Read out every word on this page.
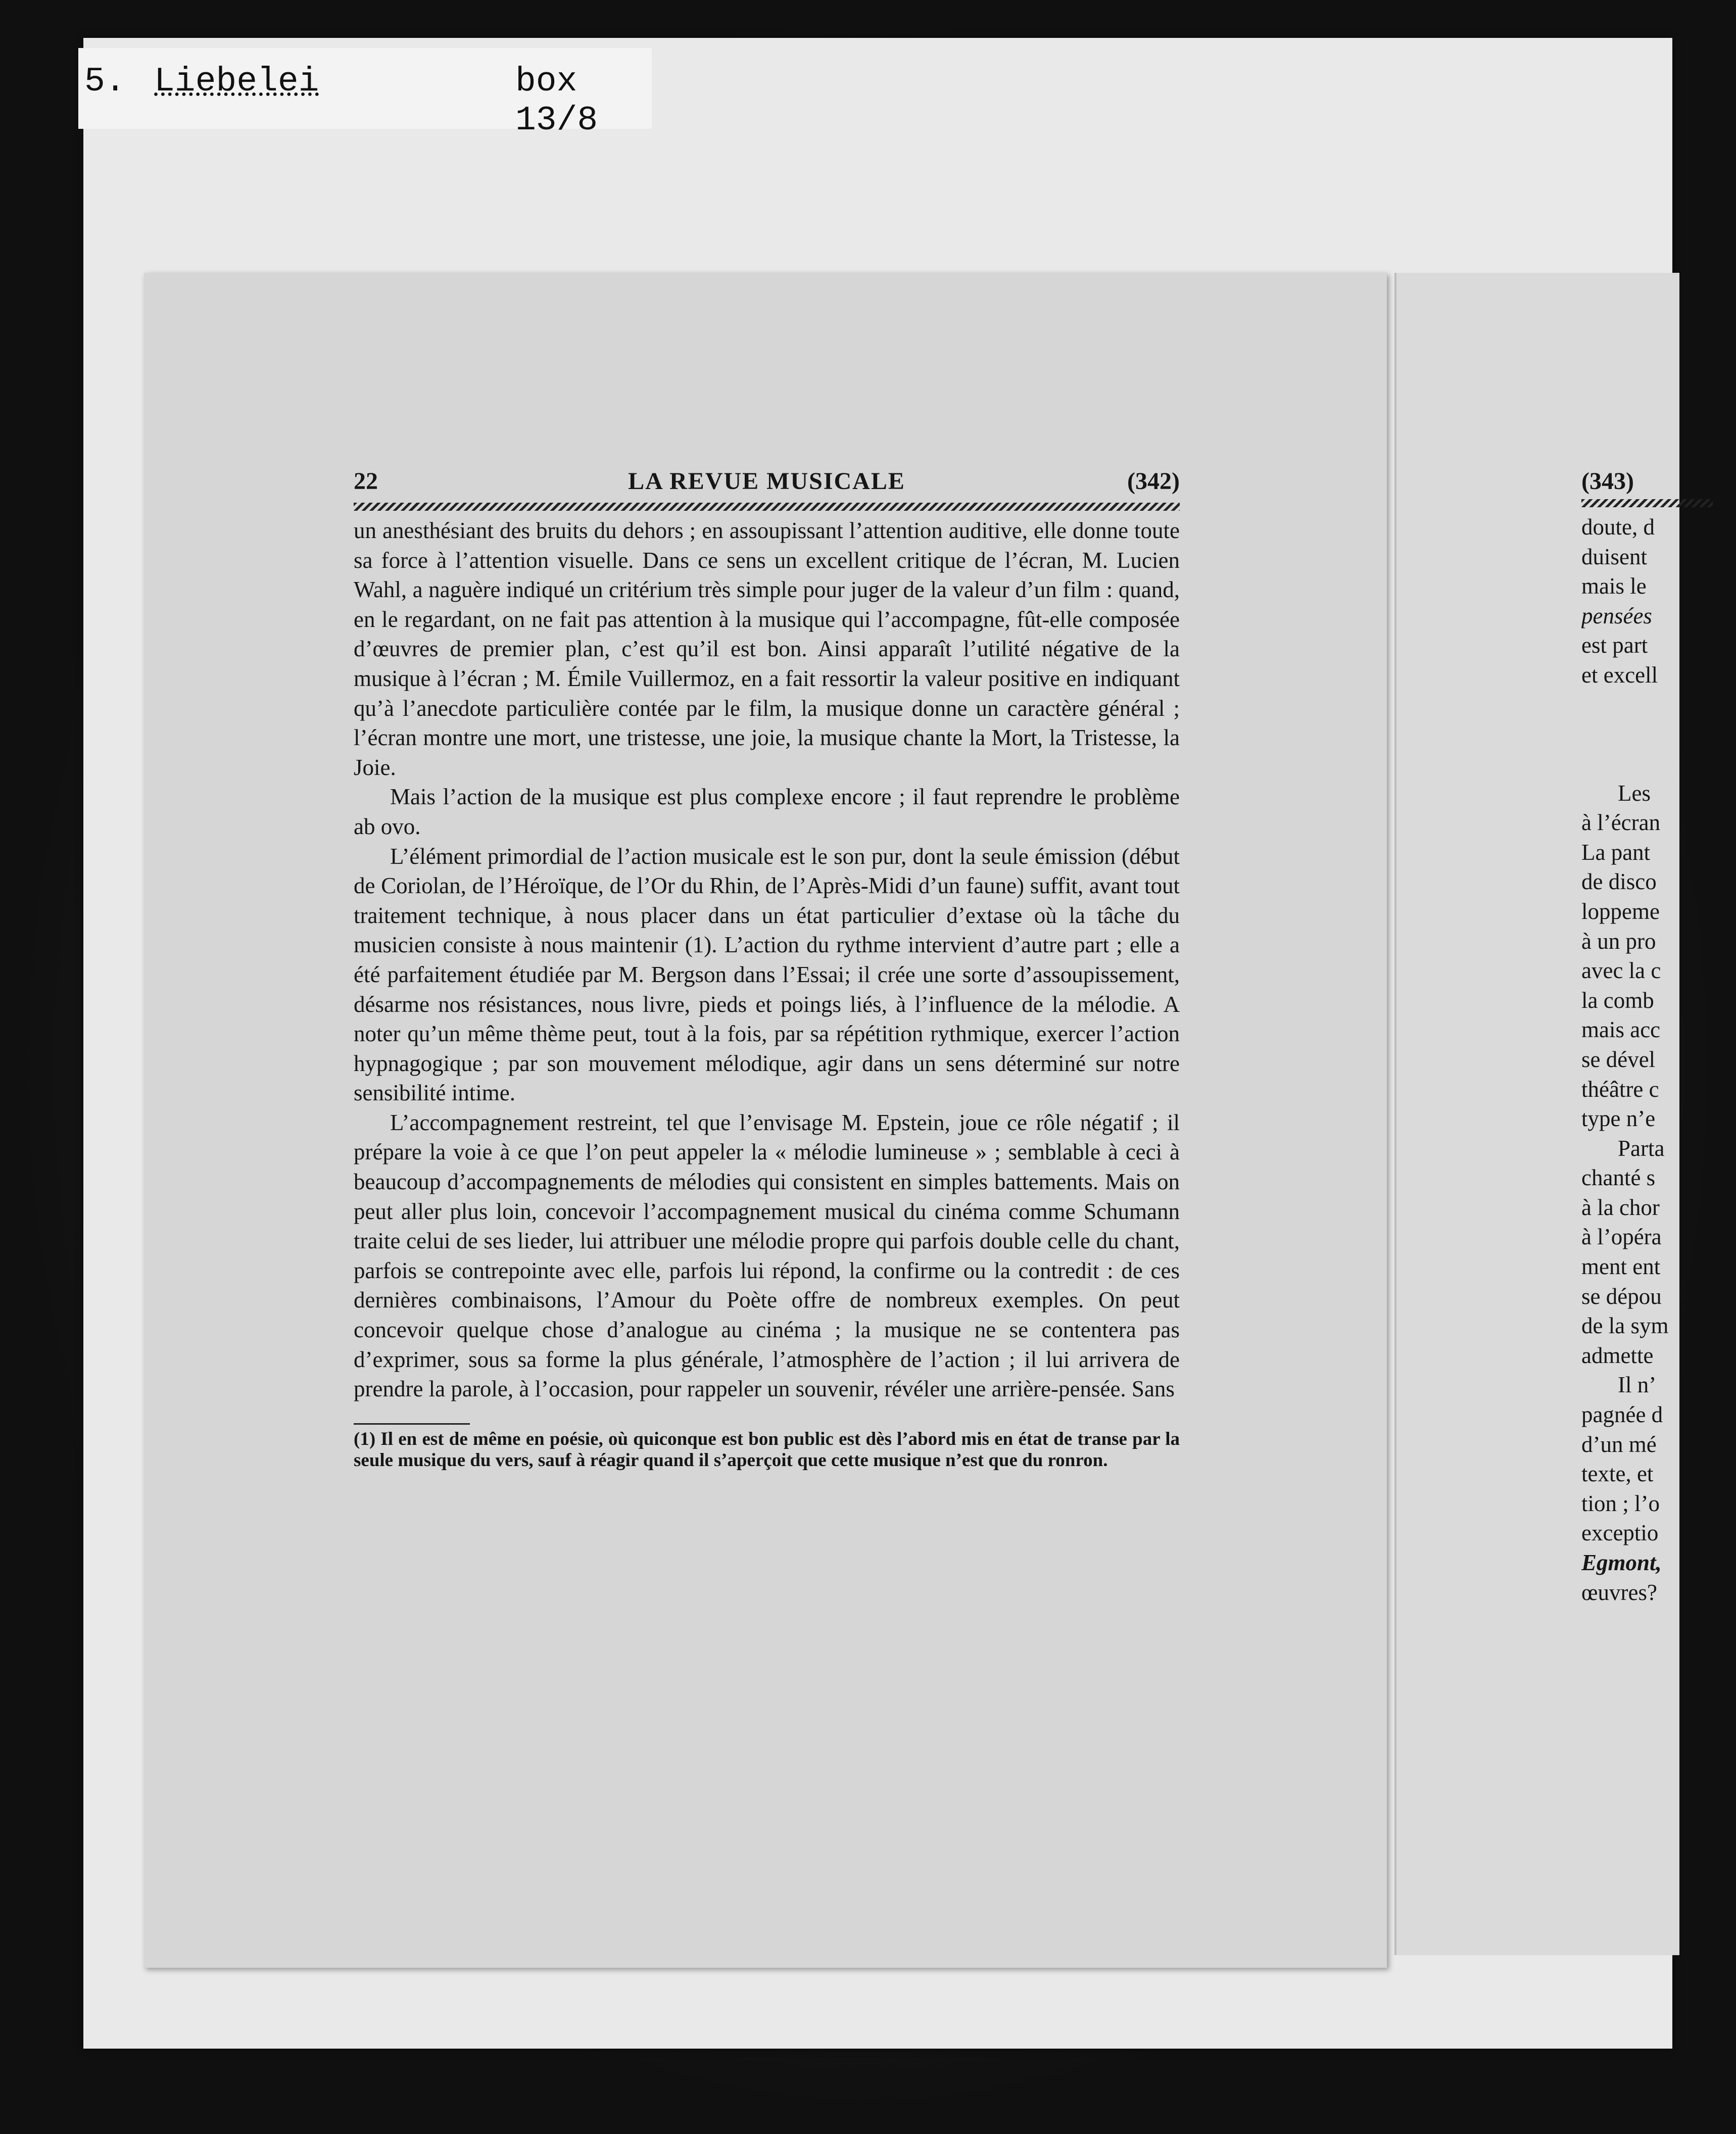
5. Liebelei	box 13/8
22	LA REVUE MUSICALE	(342)

un anesthésiant des bruits du dehors ; en assoupissant l’attention auditive, elle donne toute sa force à l’attention visuelle. Dans ce sens un excellent critique de l’écran, M. Lucien Wahl, a naguère indiqué un critérium très simple pour juger de la valeur d’un film : quand, en le regardant, on ne fait pas attention à la musique qui l’accompagne, fût-elle composée d’œuvres de premier plan, c’est qu’il est bon. Ainsi apparaît l’utilité négative de la musique à l’écran ; M. Émile Vuillermoz, en a fait ressortir la valeur positive en indiquant qu’à l’anecdote particulière contée par le film, la musique donne un caractère général ; l’écran montre une mort, une tristesse, une joie, la musique chante la Mort, la Tristesse, la Joie.

Mais l’action de la musique est plus complexe encore ; il faut reprendre le problème ab ovo.

L’élément primordial de l’action musicale est le son pur, dont la seule émission (début de Coriolan, de l’Héroïque, de l’Or du Rhin, de l’Après-Midi d’un faune) suffit, avant tout traitement technique, à nous placer dans un état particulier d’extase où la tâche du musicien consiste à nous maintenir (1). L’action du rythme intervient d’autre part ; elle a été parfaitement étudiée par M. Bergson dans l’Essai; il crée une sorte d’assoupissement, désarme nos résistances, nous livre, pieds et poings liés, à l’influence de la mélodie. A noter qu’un même thème peut, tout à la fois, par sa répétition rythmique, exercer l’action hypnagogique ; par son mouvement mélodique, agir dans un sens déterminé sur notre sensibilité intime.

L’accompagnement restreint, tel que l’envisage M. Epstein, joue ce rôle négatif ; il prépare la voie à ce que l’on peut appeler la « mélodie lumineuse » ; semblable à ceci à beaucoup d’accompagnements de mélodies qui consistent en simples battements. Mais on peut aller plus loin, concevoir l’accompagnement musical du cinéma comme Schumann traite celui de ses lieder, lui attribuer une mélodie propre qui parfois double celle du chant, parfois se contrepointe avec elle, parfois lui répond, la confirme ou la contredit : de ces dernières combinaisons, l’Amour du Poète offre de nombreux exemples. On peut concevoir quelque chose d’analogue au cinéma ; la musique ne se contentera pas d’exprimer, sous sa forme la plus générale, l’atmosphère de l’action ; il lui arrivera de prendre la parole, à l’occasion, pour rappeler un souvenir, révéler une arrière-pensée. Sans

(1) Il en est de même en poésie, où quiconque est bon public est dès l’abord mis en état de transe par la seule musique du vers, sauf à réagir quand il s’aperçoit que cette musique n’est que du ronron.
(343)
doute, d
duisent
mais le
pensées
est part
et excell
Les
à l’écran
La pant
de disco
loppeme
à un pro
avec la c
la comb
mais acc
se dével
théâtre c
type n’e
Parta
chanté s
à la chor
à l’opéra
ment ent
se dépou
de la sym
admette
Il n’
pagnée d
d’un mé
texte, et
tion ; l’o
exceptio
Egmont,
œuvres?
